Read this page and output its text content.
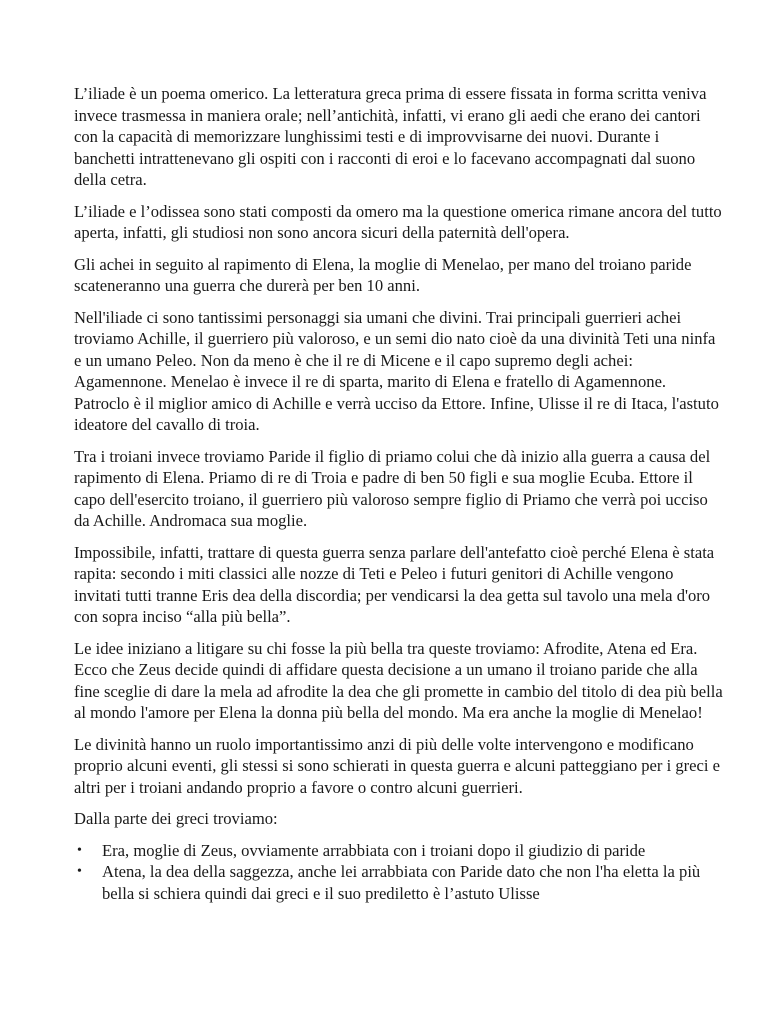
L’iliade è un poema omerico. La letteratura greca prima di essere fissata in forma scritta veniva invece trasmessa in maniera orale; nell’antichità, infatti, vi erano gli aedi che erano dei cantori con la capacità di memorizzare lunghissimi testi e di improvvisarne dei nuovi. Durante i banchetti intrattenevano gli ospiti con i racconti di eroi e lo facevano accompagnati dal suono della cetra.

L’iliade e l’odissea sono stati composti da omero ma la questione omerica rimane ancora del tutto aperta, infatti, gli studiosi non sono ancora sicuri della paternità dell'opera.

Gli achei in seguito al rapimento di Elena, la moglie di Menelao, per mano del troiano paride scateneranno una guerra che durerà per ben 10 anni.

Nell'iliade ci sono tantissimi personaggi sia umani che divini. Trai principali guerrieri achei troviamo Achille, il guerriero più valoroso, e un semi dio nato cioè da una divinità Teti una ninfa e un umano Peleo. Non da meno è che il re di Micene e il capo supremo degli achei: Agamennone. Menelao è invece il re di sparta, marito di Elena e fratello di Agamennone. Patroclo è il miglior amico di Achille e verrà ucciso da Ettore. Infine, Ulisse il re di Itaca, l'astuto ideatore del cavallo di troia.

Tra i troiani invece troviamo Paride il figlio di priamo colui che dà inizio alla guerra a causa del rapimento di Elena. Priamo di re di Troia e padre di ben 50 figli e sua moglie Ecuba. Ettore il capo dell'esercito troiano, il guerriero più valoroso sempre figlio di Priamo che verrà poi ucciso da Achille. Andromaca sua moglie.

Impossibile, infatti, trattare di questa guerra senza parlare dell'antefatto cioè perché Elena è stata rapita: secondo i miti classici alle nozze di Teti e Peleo i futuri genitori di Achille vengono invitati tutti tranne Eris dea della discordia; per vendicarsi la dea getta sul tavolo una mela d'oro con sopra inciso “alla più bella”.

Le idee iniziano a litigare su chi fosse la più bella tra queste troviamo: Afrodite, Atena ed Era. Ecco che Zeus decide quindi di affidare questa decisione a un umano il troiano paride che alla fine sceglie di dare la mela ad afrodite la dea che gli promette in cambio del titolo di dea più bella al mondo l'amore per Elena la donna più bella del mondo. Ma era anche la moglie di Menelao!

Le divinità hanno un ruolo importantissimo anzi di più delle volte intervengono e modificano proprio alcuni eventi, gli stessi si sono schierati in questa guerra e alcuni patteggiano per i greci e altri per i troiani andando proprio a favore o contro alcuni guerrieri.

Dalla parte dei greci troviamo:

• Era, moglie di Zeus, ovviamente arrabbiata con i troiani dopo il giudizio di paride
• Atena, la dea della saggezza, anche lei arrabbiata con Paride dato che non l'ha eletta la più bella si schiera quindi dai greci e il suo prediletto è l’astuto Ulisse
